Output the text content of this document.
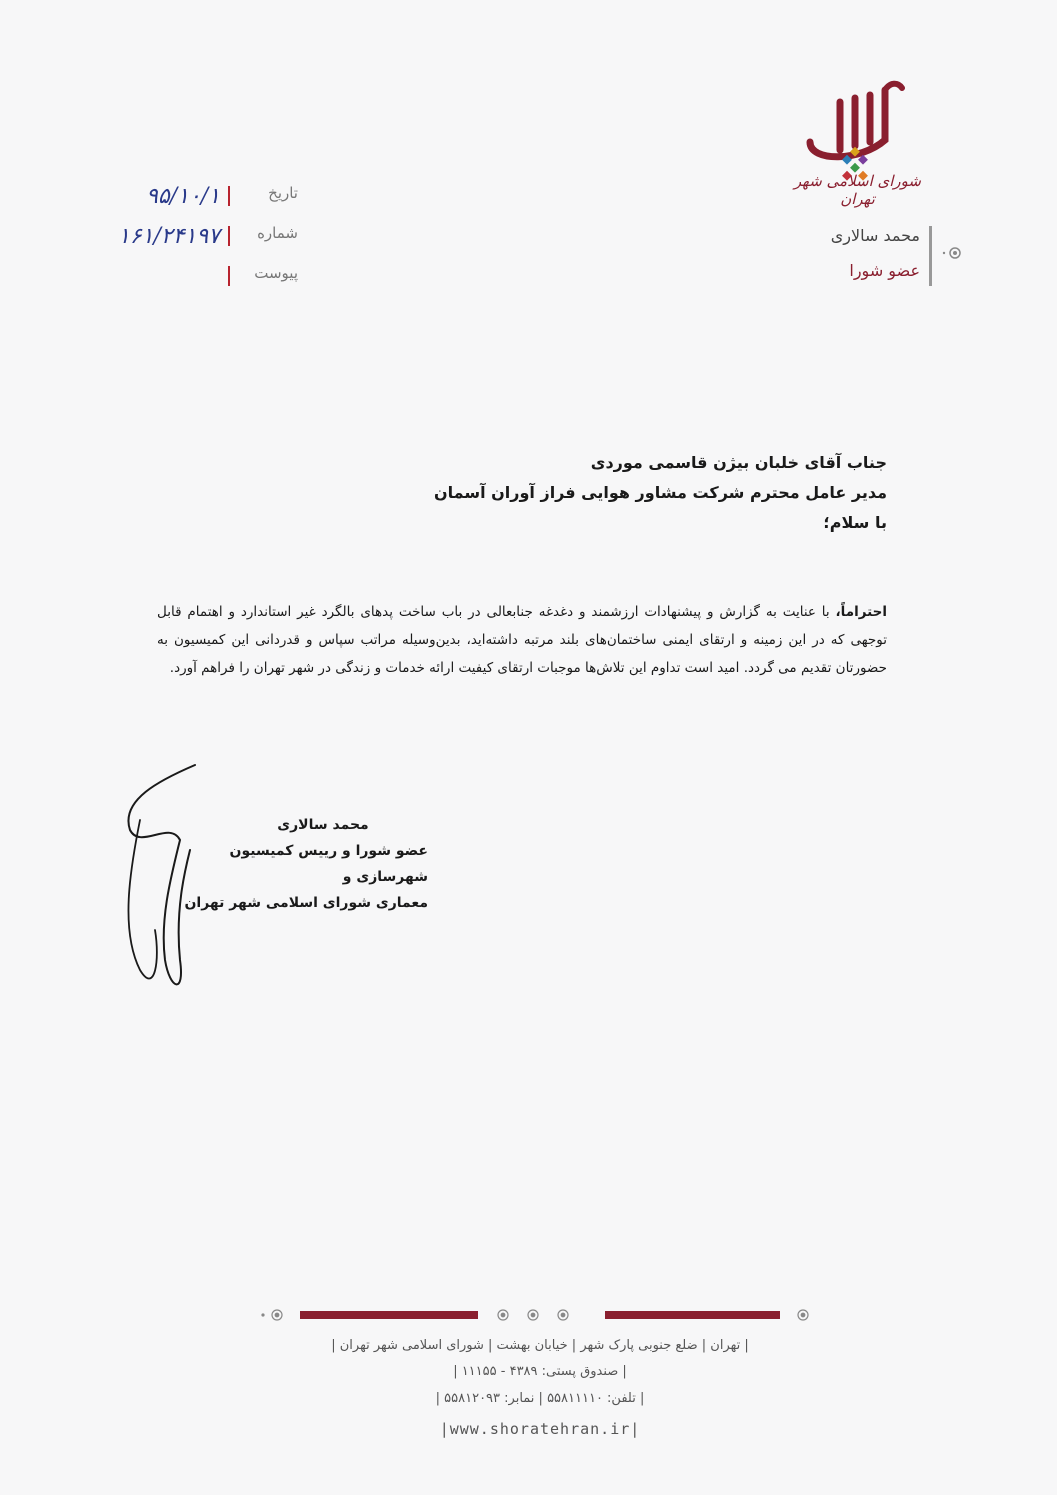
شورای اسلامی شهر تهران
محمد سالاری
عضو شورا
تاریخ
شماره
پیوست
۹۵/۱۰/۱
۱۶۱/۲۴۱۹۷
جناب آقای خلبان بیژن قاسمی موردی
مدیر عامل محترم شرکت مشاور هوایی فراز آوران آسمان
با سلام؛
احتراماً، با عنایت به گزارش و پیشنهادات ارزشمند و دغدغه جنابعالی در باب ساخت پدهای بالگرد غیر استاندارد و اهتمام قابل توجهی که در این زمینه و ارتقای ایمنی ساختمان‌های بلند مرتبه داشته‌اید، بدین‌وسیله مراتب سپاس و قدردانی این کمیسیون به حضورتان تقدیم می گردد. امید است تداوم این تلاش‌ها موجبات ارتقای کیفیت ارائه خدمات و زندگی در شهر تهران را فراهم آورد.
محمد سالاری
عضو شورا و رییس کمیسیون شهرسازی و
معماری شورای اسلامی شهر تهران
| تهران | ضلع جنوبی پارک شهر | خیابان بهشت | شورای اسلامی شهر تهران |
| صندوق پستی: ۴۳۸۹ - ۱۱۱۵۵ |
| تلفن: ۵۵۸۱۱۱۱۰ | نمابر: ۵۵۸۱۲۰۹۳ |
|www.shoratehran.ir|
